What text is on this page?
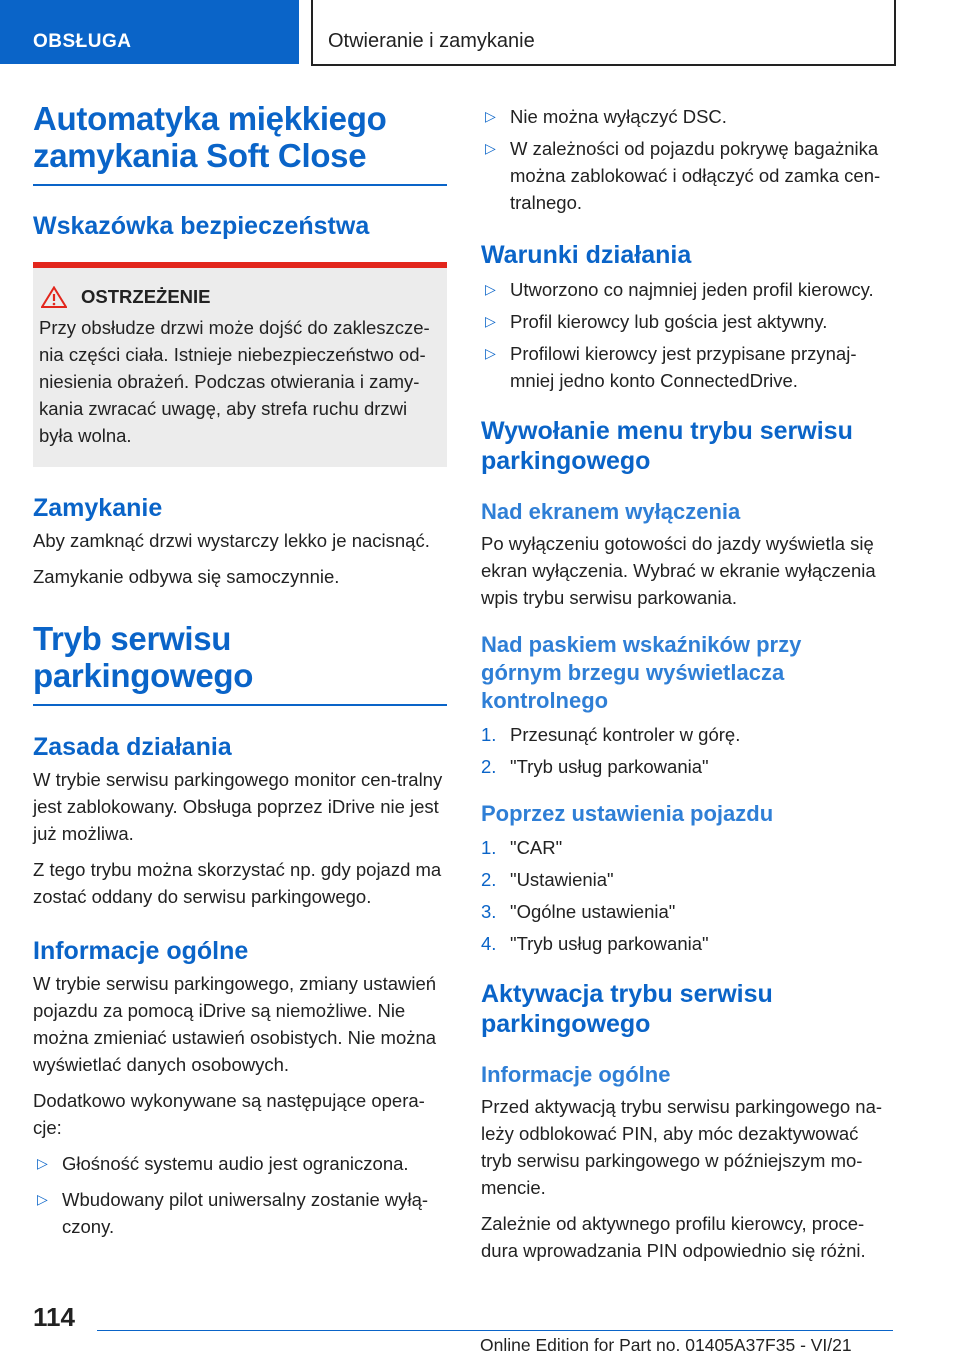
OBSŁUGA	Otwieranie i zamykanie
Automatyka miękkiego zamykania Soft Close
Wskazówka bezpieczeństwa
OSTRZEŻENIE
Przy obsłudze drzwi może dojść do zakleszcze-nia części ciała. Istnieje niebezpieczeństwo od-niesienia obrażeń. Podczas otwierania i zamy-kania zwracać uwagę, aby strefa ruchu drzwi była wolna.
Zamykanie
Aby zamknąć drzwi wystarczy lekko je nacisnąć.
Zamykanie odbywa się samoczynnie.
Tryb serwisu parkingowego
Zasada działania
W trybie serwisu parkingowego monitor cen-tralny jest zablokowany. Obsługa poprzez iDrive nie jest już możliwa.
Z tego trybu można skorzystać np. gdy pojazd ma zostać oddany do serwisu parkingowego.
Informacje ogólne
W trybie serwisu parkingowego, zmiany ustawień pojazdu za pomocą iDrive są niemożliwe. Nie można zmieniać ustawień osobistych. Nie można wyświetlać danych osobowych.
Dodatkowo wykonywane są następujące opera-cje:
▷ Głośność systemu audio jest ograniczona.
▷ Wbudowany pilot uniwersalny zostanie wyłą-czony.
▷ Nie można wyłączyć DSC.
▷ W zależności od pojazdu pokrywę bagażnika można zablokować i odłączyć od zamka cen-tralnego.
Warunki działania
▷ Utworzono co najmniej jeden profil kierowcy.
▷ Profil kierowcy lub gościa jest aktywny.
▷ Profilowi kierowcy jest przypisane przynaj-mniej jedno konto ConnectedDrive.
Wywołanie menu trybu serwisu parkingowego
Nad ekranem wyłączenia
Po wyłączeniu gotowości do jazdy wyświetla się ekran wyłączenia. Wybrać w ekranie wyłączenia wpis trybu serwisu parkowania.
Nad paskiem wskaźników przy górnym brzegu wyświetlacza kontrolnego
1. Przesunąć kontroler w górę.
2. "Tryb usług parkowania"
Poprzez ustawienia pojazdu
1. "CAR"
2. "Ustawienia"
3. "Ogólne ustawienia"
4. "Tryb usług parkowania"
Aktywacja trybu serwisu parkingowego
Informacje ogólne
Przed aktywacją trybu serwisu parkingowego na-leży odblokować PIN, aby móc dezaktywować tryb serwisu parkingowego w późniejszym mo-mencie.
Zależnie od aktywnego profilu kierowcy, proce-dura wprowadzania PIN odpowiednio się różni.
114
Online Edition for Part no. 01405A37F35 - VI/21
